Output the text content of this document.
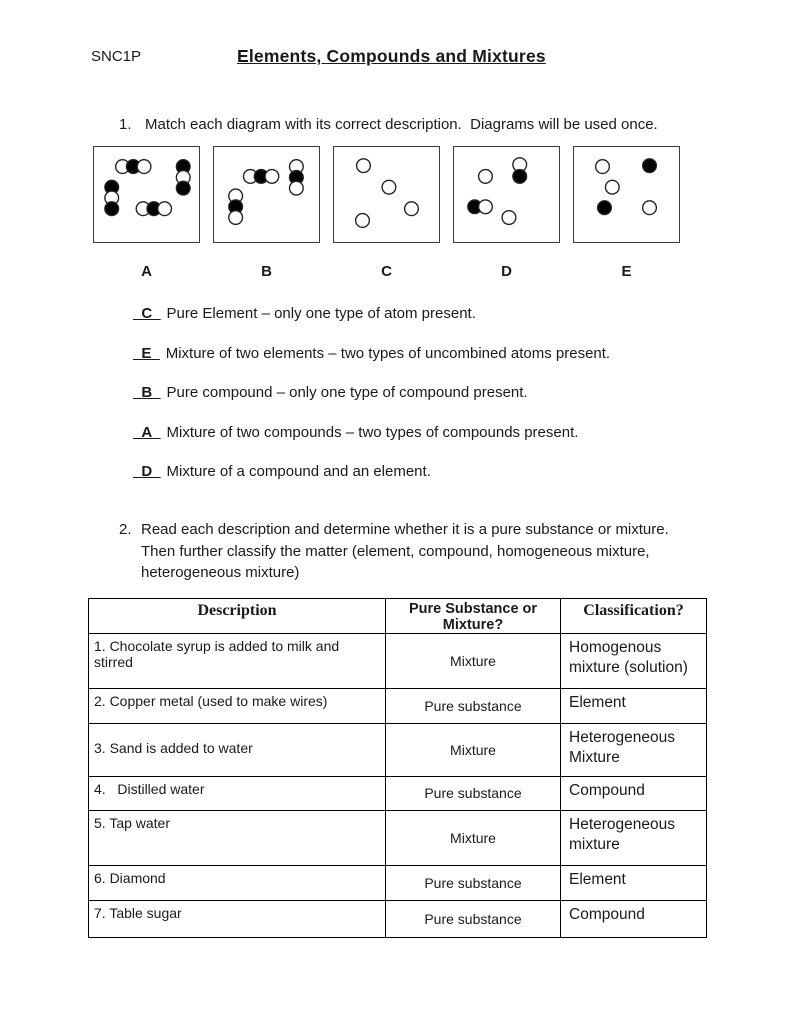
SNC1P	Elements, Compounds and Mixtures
1. Match each diagram with its correct description.  Diagrams will be used once.
A	B	C	D	E
_C_ Pure Element – only one type of atom present.
_E_ Mixture of two elements – two types of uncombined atoms present.
_B_ Pure compound – only one type of compound present.
_A_ Mixture of two compounds – two types of compounds present.
_D_ Mixture of a compound and an element.
2. Read each description and determine whether it is a pure substance or mixture. Then further classify the matter (element, compound, homogeneous mixture, heterogeneous mixture)
Description	Pure Substance or Mixture?	Classification?
1. Chocolate syrup is added to milk and stirred	Mixture	Homogenous mixture (solution)
2. Copper metal (used to make wires)	Pure substance	Element
3. Sand is added to water	Mixture	Heterogeneous Mixture
4.   Distilled water	Pure substance	Compound
5. Tap water	Mixture	Heterogeneous mixture
6. Diamond	Pure substance	Element
7. Table sugar	Pure substance	Compound
